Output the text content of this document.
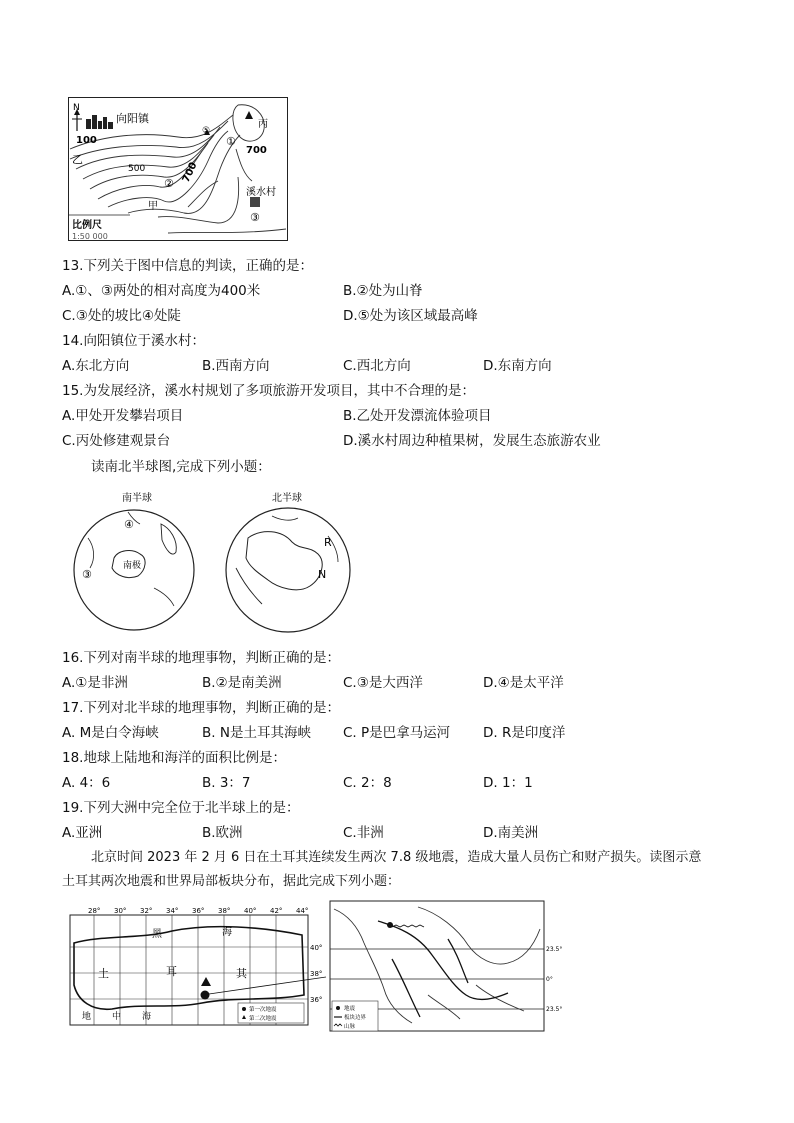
N
向阳镇
100
500	700
700
乙
甲
丙
①
②
③
⑤
溪水村
比例尺
1:50 000
13.下列关于图中信息的判读，正确的是：
A.①、③两处的相对高度为400米	B.②处为山脊
C.③处的坡比④处陡	D.⑤处为该区域最高峰
14.向阳镇位于溪水村：
A.东北方向	B.西南方向	C.西北方向	D.东南方向
15.为发展经济，溪水村规划了多项旅游开发项目，其中不合理的是：
A.甲处开发攀岩项目	B.乙处开发漂流体验项目
C.丙处修建观景台	D.溪水村周边种植果树，发展生态旅游农业
读南北半球图,完成下列小题：
南半球
南极
③
④
北半球
R
N
16.下列对南半球的地理事物，判断正确的是：
A.①是非洲	B.②是南美洲	C.③是大西洋	D.④是太平洋
17.下列对北半球的地理事物，判断正确的是：
A. M是白令海峡	B. N是土耳其海峡 C. P是巴拿马运河 D. R是印度洋
18.地球上陆地和海洋的面积比例是：
A. 4：6	B. 3：7	C. 2：8	D. 1：1
19.下列大洲中完全位于北半球上的是：
A.亚洲	B.欧洲	C.非洲	D.南美洲
北京时间 2023 年 2 月 6 日在土耳其连续发生两次 7.8 级地震，造成大量人员伤亡和财产损失。读图示意
土耳其两次地震和世界局部板块分布，据此完成下列小题：
28° 30° 32° 34° 36° 38° 40° 42° 44°
40°
38°
36°
黑	海
土	耳	其
地 中 海
第一次地震
第二次地震
23.5°
0°
23.5°
地震
板块边界
山脉
